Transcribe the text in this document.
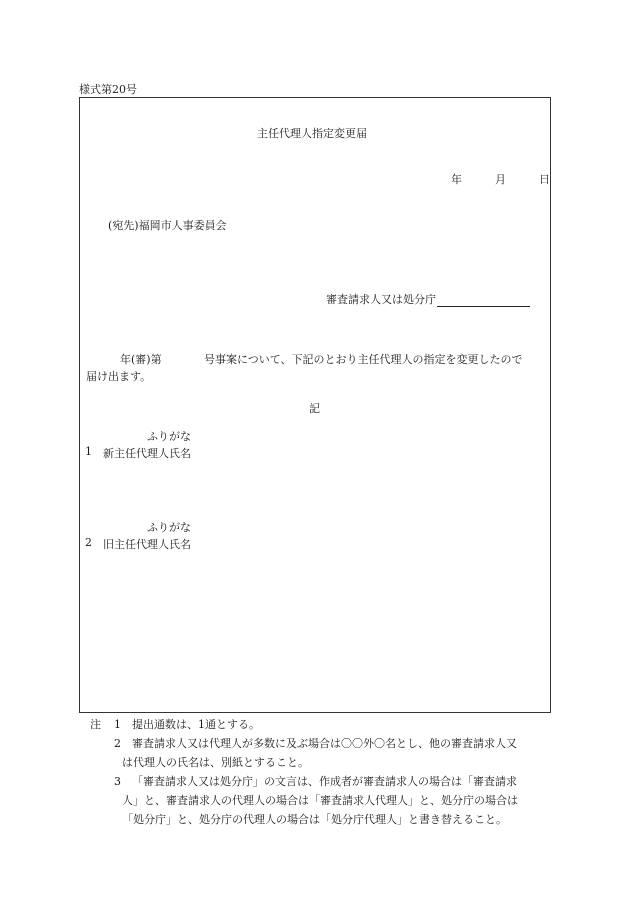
様式第20号
主任代理人指定変更届
年	月	日
(宛先)福岡市人事委員会
審査請求人又は処分庁
年(審)第	号事案について、下記のとおり主任代理人の指定を変更したので
届け出ます。
記
ふりがな
1 新主任代理人氏名
ふりがな
2 旧主任代理人氏名
注 1 提出通数は、1通とする。
2 審査請求人又は代理人が多数に及ぶ場合は〇〇外〇名とし、他の審査請求人又
は代理人の氏名は、別紙とすること。
3 「審査請求人又は処分庁」の文言は、作成者が審査請求人の場合は「審査請求
人」と、審査請求人の代理人の場合は「審査請求人代理人」と、処分庁の場合は
「処分庁」と、処分庁の代理人の場合は「処分庁代理人」と書き替えること。
